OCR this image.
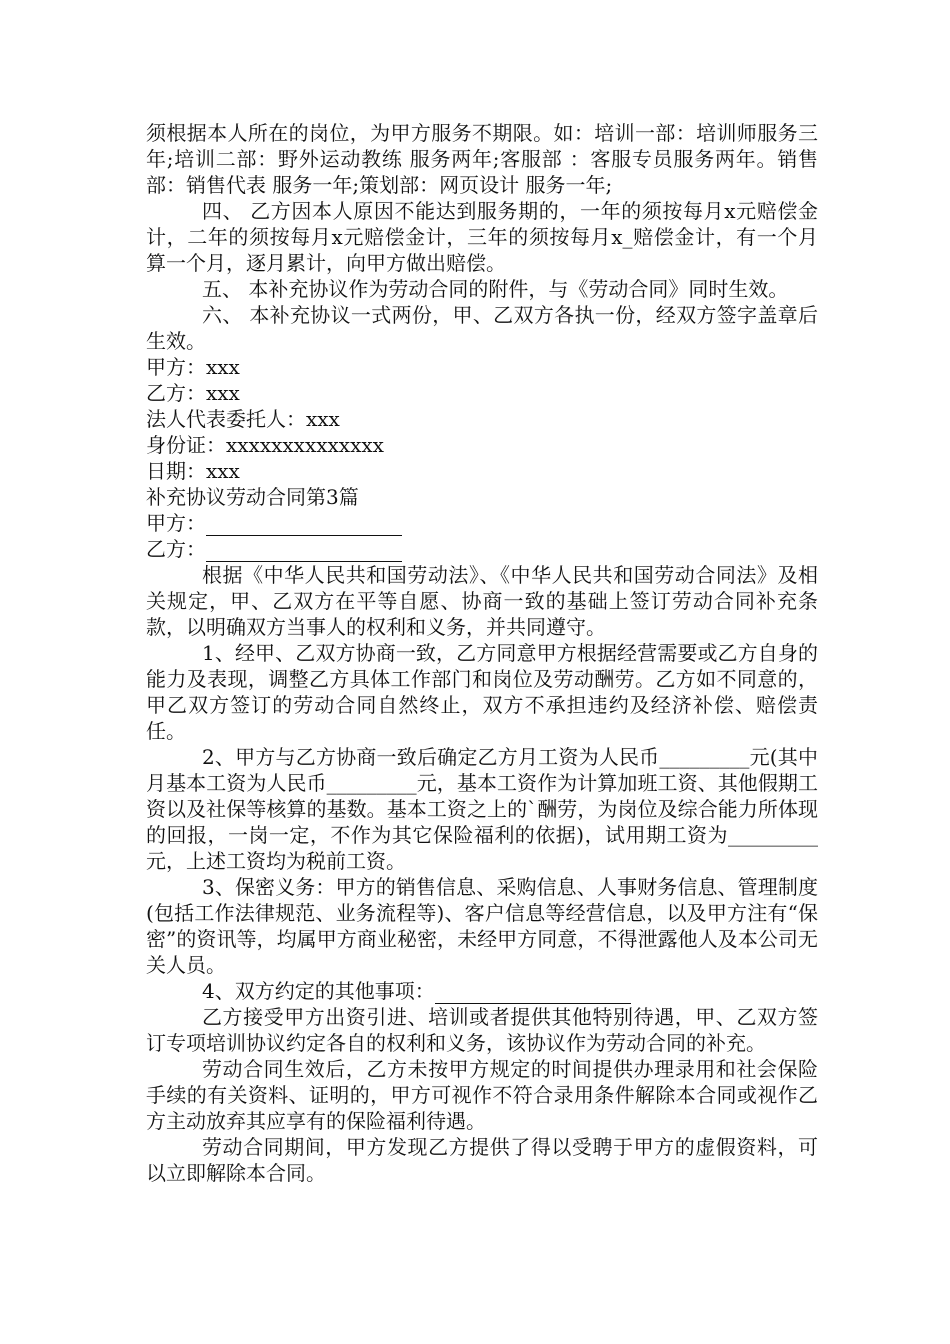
须根据本人所在的岗位，为甲方服务不期限。如：培训一部：培训师服务三年;培训二部：野外运动教练 服务两年;客服部 ：客服专员服务两年。销售部：销售代表 服务一年;策划部：网页设计 服务一年;

四、 乙方因本人原因不能达到服务期的，一年的须按每月x元赔偿金计，二年的须按每月x元赔偿金计，三年的须按每月x_赔偿金计，有一个月算一个月，逐月累计，向甲方做出赔偿。

五、 本补充协议作为劳动合同的附件，与《劳动合同》同时生效。

六、 本补充协议一式两份，甲、乙双方各执一份，经双方签字盖章后生效。

甲方：xxx

乙方：xxx

法人代表委托人：xxx

身份证：xxxxxxxxxxxxxx

日期：xxx

补充协议劳动合同第3篇

甲方：

乙方：

根据《中华人民共和国劳动法》、《中华人民共和国劳动合同法》及相关规定，甲、乙双方在平等自愿、协商一致的基础上签订劳动合同补充条款，以明确双方当事人的权利和义务，并共同遵守。

1、经甲、乙双方协商一致，乙方同意甲方根据经营需要或乙方自身的能力及表现，调整乙方具体工作部门和岗位及劳动酬劳。乙方如不同意的，甲乙双方签订的劳动合同自然终止，双方不承担违约及经济补偿、赔偿责任。

2、甲方与乙方协商一致后确定乙方月工资为人民币_________元(其中月基本工资为人民币_________元，基本工资作为计算加班工资、其他假期工资以及社保等核算的基数。基本工资之上的`酬劳，为岗位及综合能力所体现的回报，一岗一定，不作为其它保险福利的依据)，试用期工资为_________元，上述工资均为税前工资。

3、保密义务：甲方的销售信息、采购信息、人事财务信息、管理制度(包括工作法律规范、业务流程等)、客户信息等经营信息，以及甲方注有“保密”的资讯等，均属甲方商业秘密，未经甲方同意，不得泄露他人及本公司无关人员。

4、双方约定的其他事项：

乙方接受甲方出资引进、培训或者提供其他特别待遇，甲、乙双方签订专项培训协议约定各自的权利和义务，该协议作为劳动合同的补充。

劳动合同生效后，乙方未按甲方规定的时间提供办理录用和社会保险手续的有关资料、证明的，甲方可视作不符合录用条件解除本合同或视作乙方主动放弃其应享有的保险福利待遇。

劳动合同期间，甲方发现乙方提供了得以受聘于甲方的虚假资料，可以立即解除本合同。
